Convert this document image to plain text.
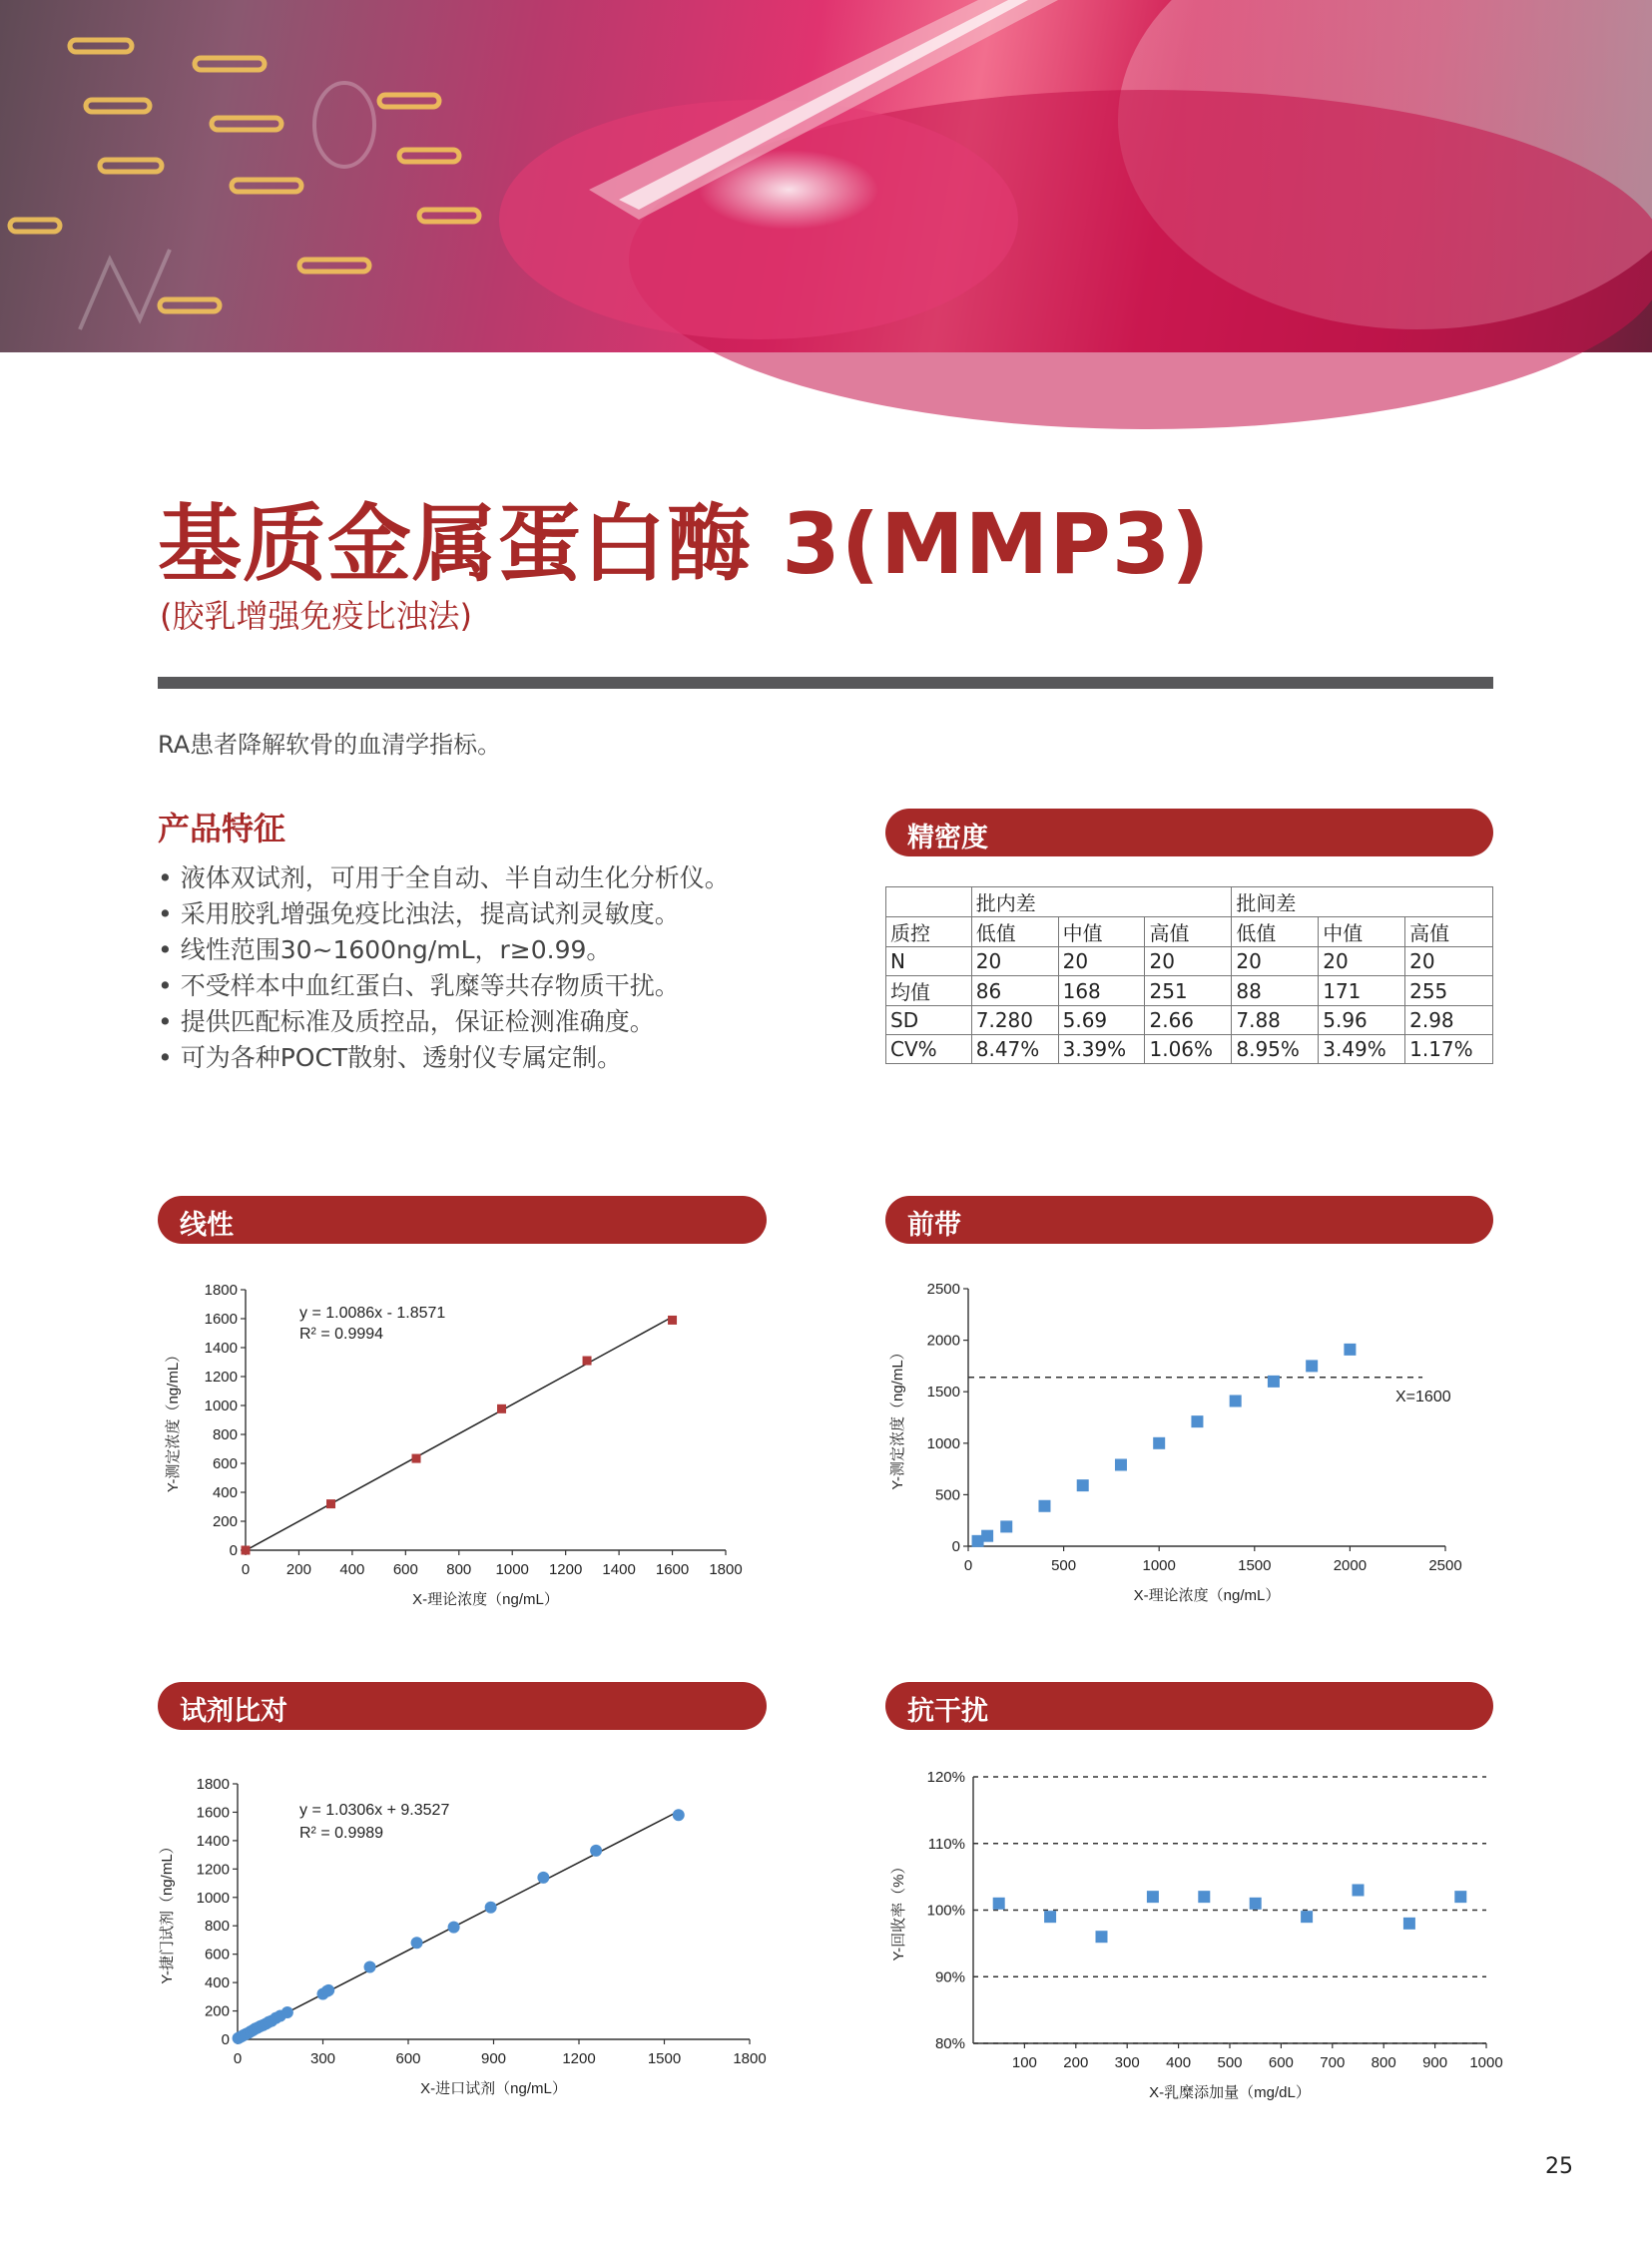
基质金属蛋白酶 3(MMP3)
(胶乳增强免疫比浊法)
RA患者降解软骨的血清学指标。
产品特征
• 液体双试剂，可用于全自动、半自动生化分析仪。
• 采用胶乳增强免疫比浊法，提高试剂灵敏度。
• 线性范围30~1600ng/mL，r≥0.99。
• 不受样本中血红蛋白、乳糜等共存物质干扰。
• 提供匹配标准及质控品，保证检测准确度。
• 可为各种POCT散射、透射仪专属定制。
精密度
	批内差			批间差		
质控	低值	中值	高值	低值	中值	高值
N	20	20	20	20	20	20
均值	86	168	251	88	171	255
SD	7.280	5.69	2.66	7.88	5.96	2.98
CV%	8.47%	3.39%	1.06%	8.95%	3.49%	1.17%
线性	前带
试剂比对	抗干扰
0
200
400
600
800
1000
1200
1400
1600
1800
0 200 400 600 800 1000 1200 1400 1600 1800
X-理论浓度（ng/mL）
Y-测定浓度（ng/mL）
y = 1.0086x - 1.8571
R² = 0.9994
0
500
1000
1500
2000
2500
0	500	1000	1500	2000	2500
X-理论浓度（ng/mL）
Y-测定浓度（ng/mL）	X=1600
0
200
400
600
800
1000
1200
1400
1600
1800
0	300	600	900	1200	1500	1800
X-进口试剂（ng/mL）
Y-捷门试剂（ng/mL）
y = 1.0306x + 9.3527
R² = 0.9989
80%
90%
100%
110%
120%
100 200 300 400 500 600 700 800 900 1000
X-乳糜添加量（mg/dL）
Y-回收率（%）
25
